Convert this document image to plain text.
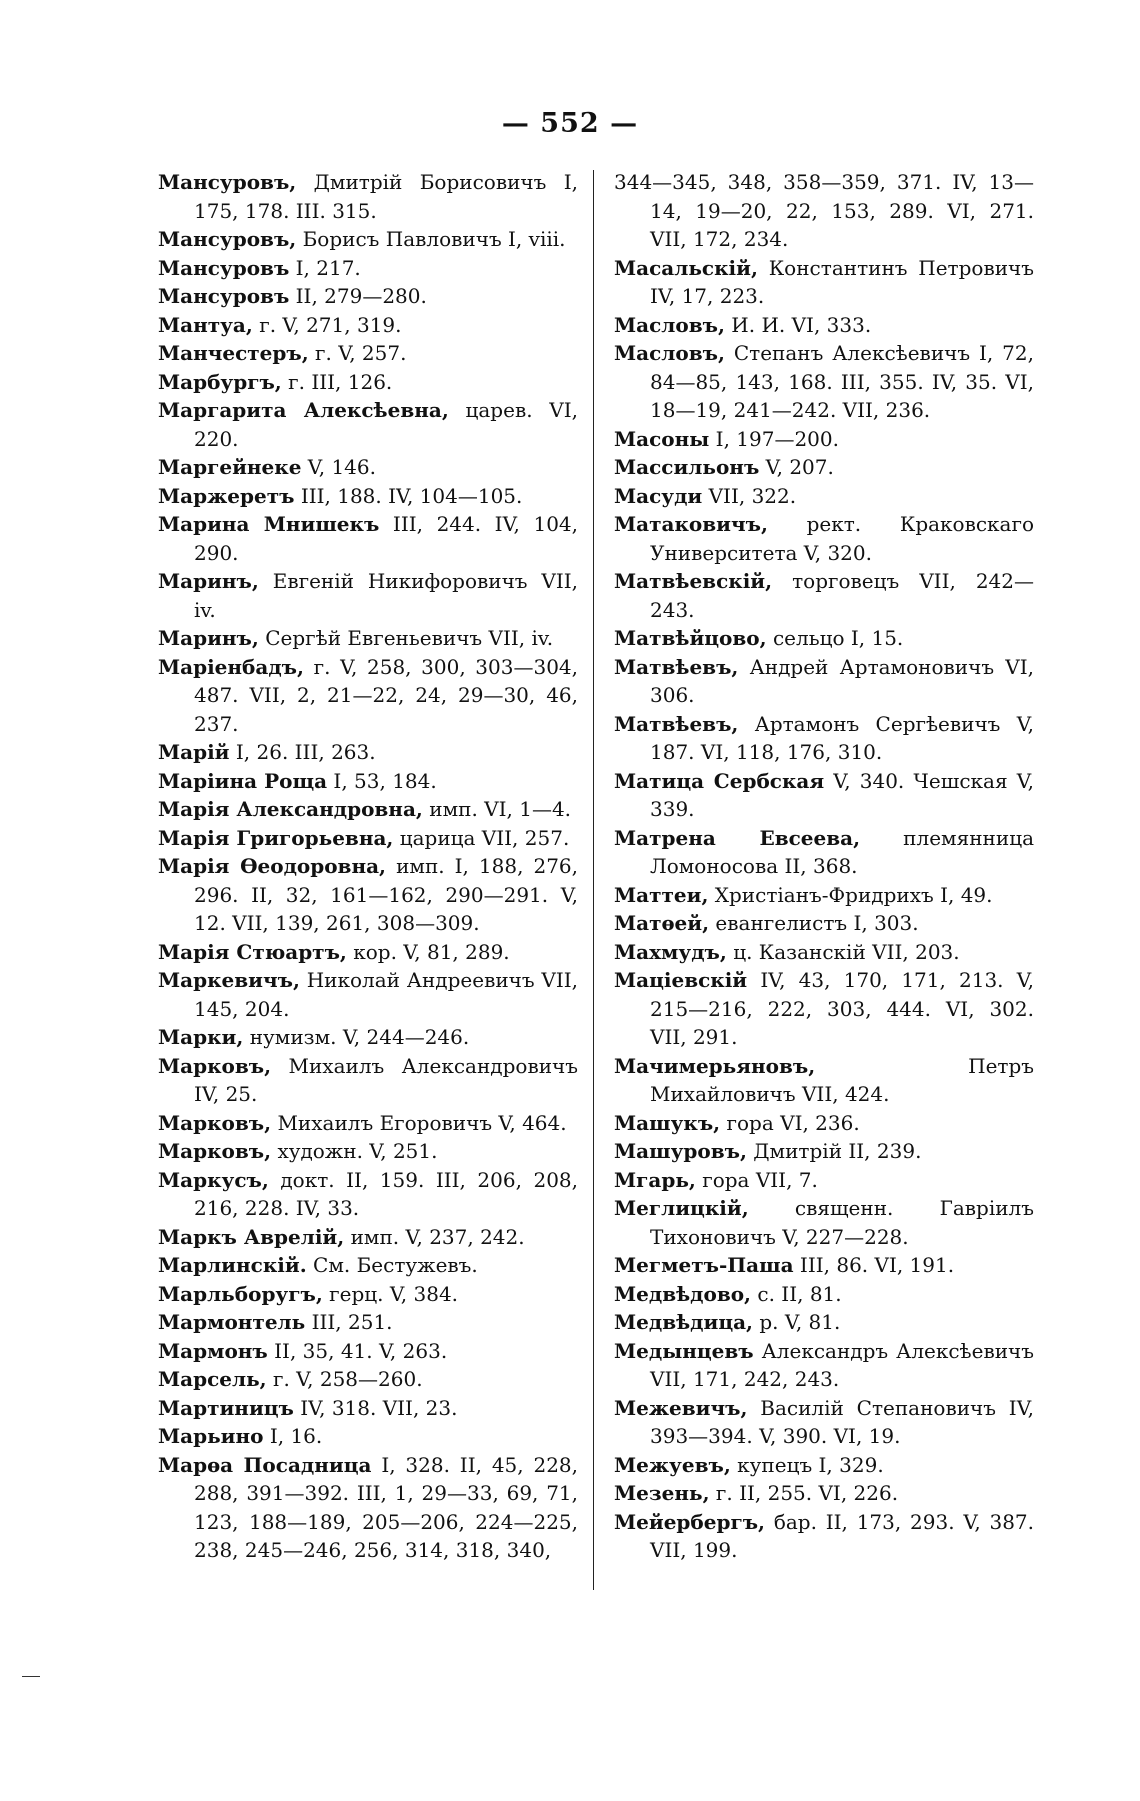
— 552 —
Мансуровъ, Дмитрій Борисовичъ I, 175, 178. III. 315.
Мансуровъ, Борисъ Павловичъ I, viii.
Мансуровъ I, 217.
Мансуровъ II, 279—280.
Мантуа, г. V, 271, 319.
Манчестеръ, г. V, 257.
Марбургъ, г. III, 126.
Маргарита Алексѣевна, царев. VI, 220.
Маргейнеке V, 146.
Маржеретъ III, 188. IV, 104—105.
Марина Мнишекъ III, 244. IV, 104, 290.
Маринъ, Евгеній Никифоровичъ VII, iv.
Маринъ, Сергѣй Евгеньевичъ VII, iv.
Маріенбадъ, г. V, 258, 300, 303—304, 487. VII, 2, 21—22, 24, 29—30, 46, 237.
Марій I, 26. III, 263.
Маріина Роща I, 53, 184.
Марія Александровна, имп. VI, 1—4.
Марія Григорьевна, царица VII, 257.
Марія Ѳеодоровна, имп. I, 188, 276, 296. II, 32, 161—162, 290—291. V, 12. VII, 139, 261, 308—309.
Марія Стюартъ, кор. V, 81, 289.
Маркевичъ, Николай Андреевичъ VII, 145, 204.
Марки, нумизм. V, 244—246.
Марковъ, Михаилъ Александровичъ IV, 25.
Марковъ, Михаилъ Егоровичъ V, 464.
Марковъ, художн. V, 251.
Маркусъ, докт. II, 159. III, 206, 208, 216, 228. IV, 33.
Маркъ Аврелій, имп. V, 237, 242.
Марлинскій. См. Бестужевъ.
Марльборугъ, герц. V, 384.
Мармонтель III, 251.
Мармонъ II, 35, 41. V, 263.
Марсель, г. V, 258—260.
Мартиницъ IV, 318. VII, 23.
Марьино I, 16.
Марѳа Посадница I, 328. II, 45, 228, 288, 391—392. III, 1, 29—33, 69, 71, 123, 188—189, 205—206, 224—225, 238, 245—246, 256, 314, 318, 340,
344—345, 348, 358—359, 371. IV, 13—14, 19—20, 22, 153, 289. VI, 271. VII, 172, 234.
Масальскій, Константинъ Петровичъ IV, 17, 223.
Масловъ, И. И. VI, 333.
Масловъ, Степанъ Алексѣевичъ I, 72, 84—85, 143, 168. III, 355. IV, 35. VI, 18—19, 241—242. VII, 236.
Масоны I, 197—200.
Массильонъ V, 207.
Масуди VII, 322.
Матаковичъ, рект. Краковскаго Университета V, 320.
Матвѣевскій, торговецъ VII, 242—243.
Матвѣйцово, сельцо I, 15.
Матвѣевъ, Андрей Артамоновичъ VI, 306.
Матвѣевъ, Артамонъ Сергѣевичъ V, 187. VI, 118, 176, 310.
Матица Сербская V, 340. Чешская V, 339.
Матрена Евсеева, племянница Ломоносова II, 368.
Маттеи, Христіанъ-Фридрихъ I, 49.
Матѳей, евангелистъ I, 303.
Махмудъ, ц. Казанскій VII, 203.
Маціевскій IV, 43, 170, 171, 213. V, 215—216, 222, 303, 444. VI, 302. VII, 291.
Мачимерьяновъ,	Петръ Михайловичъ VII, 424.
Машукъ, гора VI, 236.
Машуровъ, Дмитрій II, 239.
Мгарь, гора VII, 7.
Меглицкій, священн. Гавріилъ Тихоновичъ V, 227—228.
Мегметъ-Паша III, 86. VI, 191.
Медвѣдово, с. II, 81.
Медвѣдица, р. V, 81.
Медынцевъ Александръ Алексѣевичъ VII, 171, 242, 243.
Межевичъ, Василій Степановичъ IV, 393—394. V, 390. VI, 19.
Межуевъ, купецъ I, 329.
Мезень, г. II, 255. VI, 226.
Мейербергъ, бар. II, 173, 293. V, 387. VII, 199.
